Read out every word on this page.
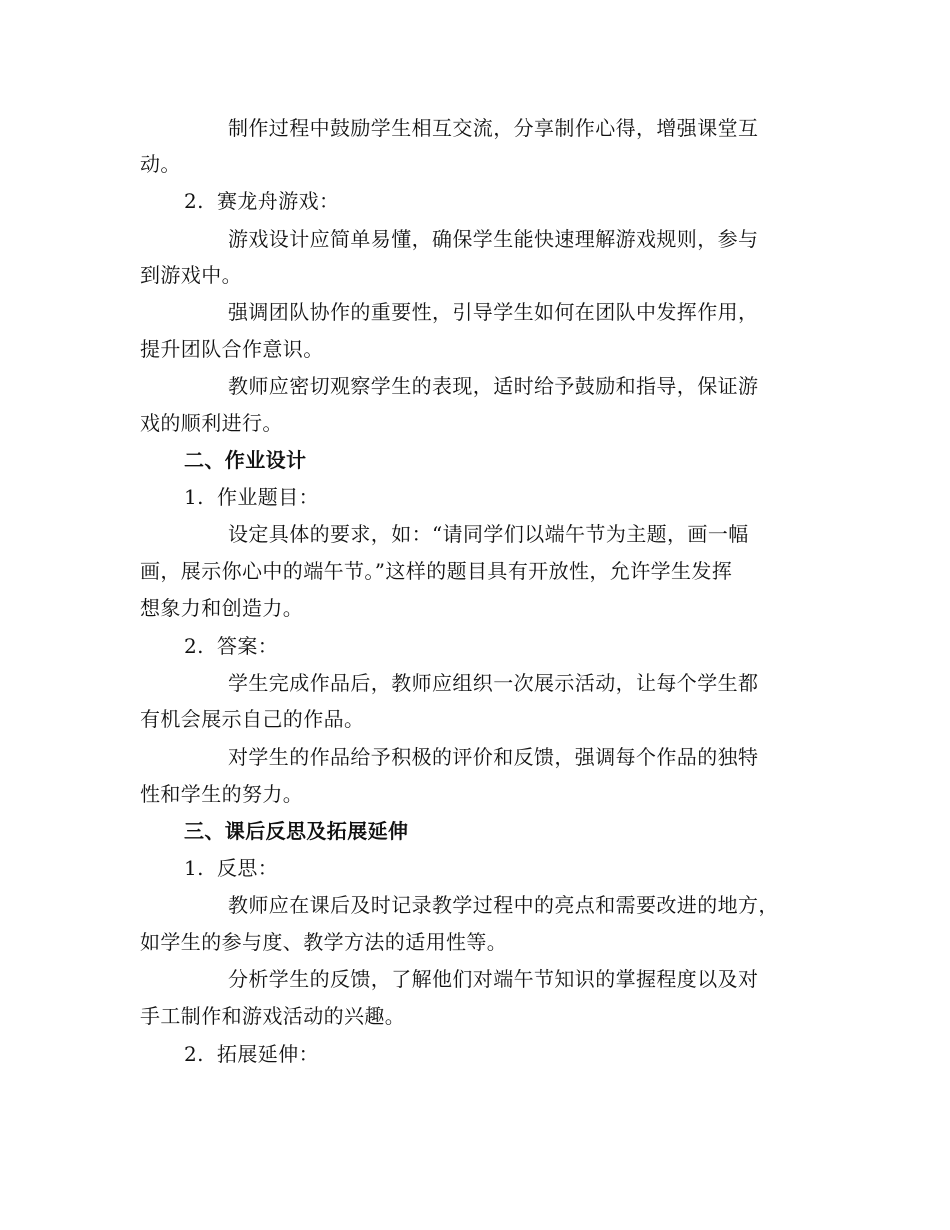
制作过程中鼓励学生相互交流，分享制作心得，增强课堂互
动。
2. 赛龙舟游戏：
游戏设计应简单易懂，确保学生能快速理解游戏规则，参与
到游戏中。
强调团队协作的重要性，引导学生如何在团队中发挥作用，
提升团队合作意识。
教师应密切观察学生的表现，适时给予鼓励和指导，保证游
戏的顺利进行。
二、作业设计
1. 作业题目：
设定具体的要求，如：“请同学们以端午节为主题，画一幅
画，展示你心中的端午节。”这样的题目具有开放性，允许学生发挥
想象力和创造力。
2. 答案：
学生完成作品后，教师应组织一次展示活动，让每个学生都
有机会展示自己的作品。
对学生的作品给予积极的评价和反馈，强调每个作品的独特
性和学生的努力。
三、课后反思及拓展延伸
1. 反思：
教师应在课后及时记录教学过程中的亮点和需要改进的地方，
如学生的参与度、教学方法的适用性等。
分析学生的反馈，了解他们对端午节知识的掌握程度以及对
手工制作和游戏活动的兴趣。
2. 拓展延伸：
